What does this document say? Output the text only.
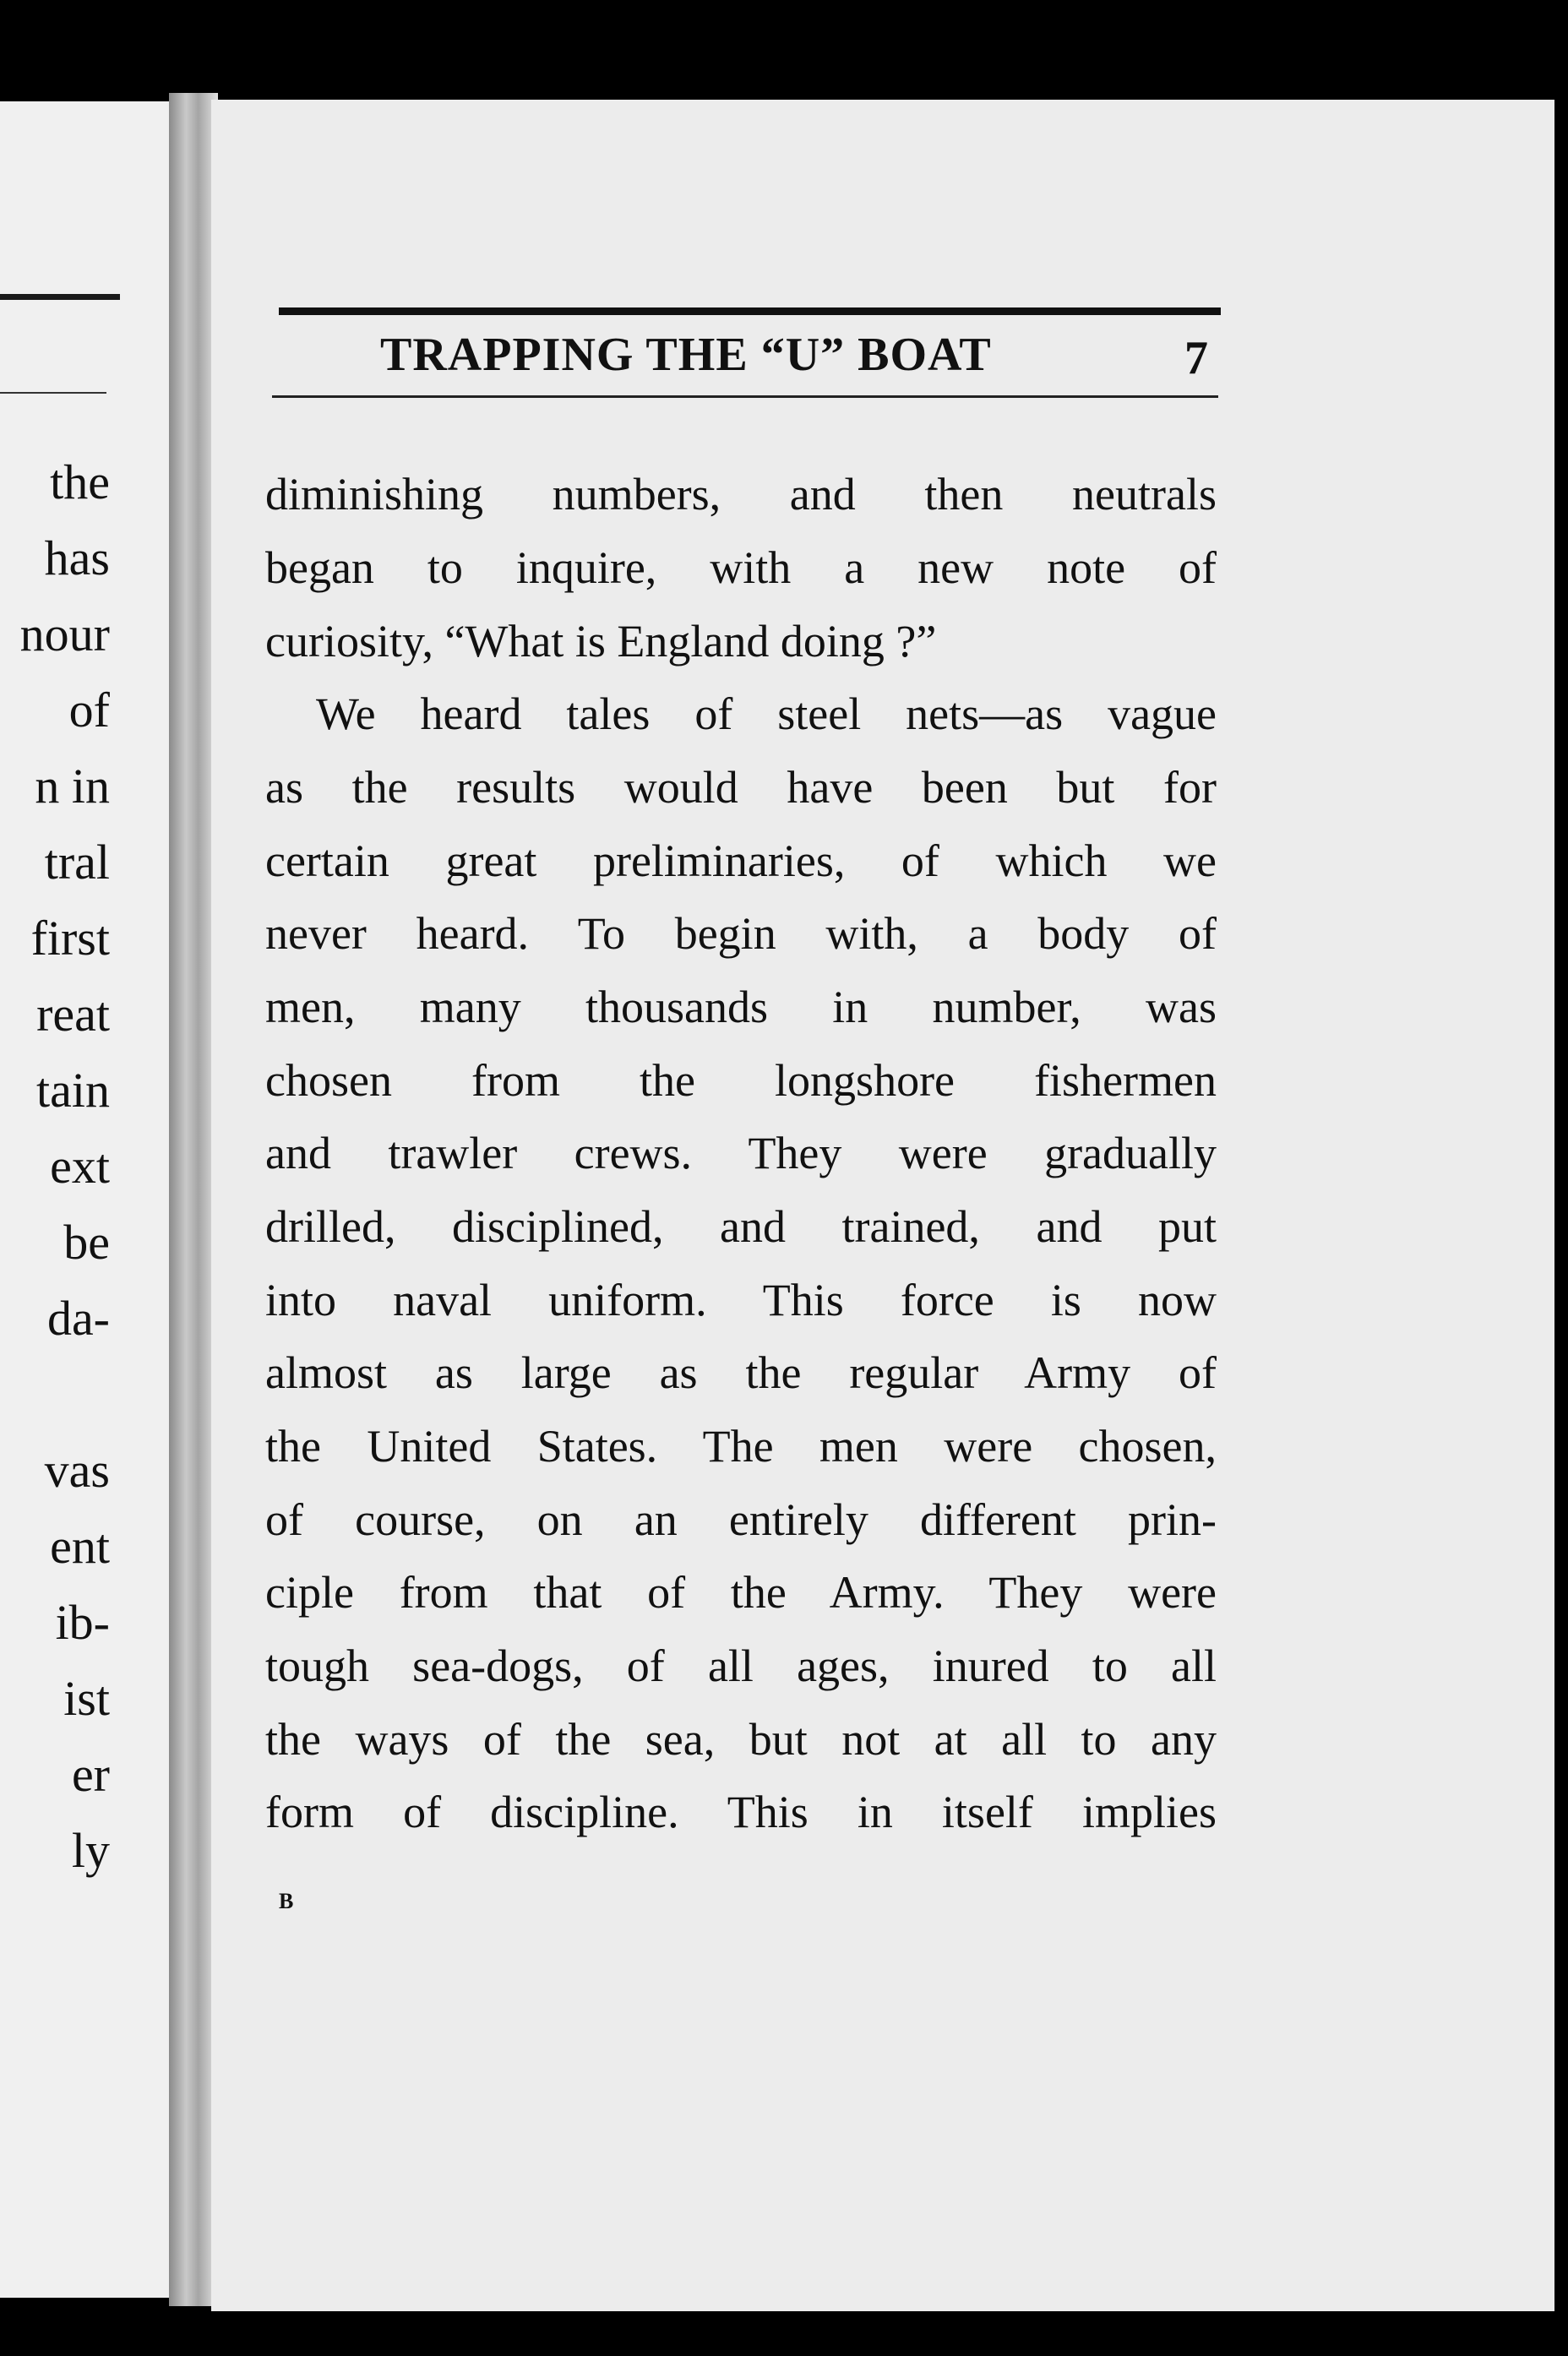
the
has
nour
of
n in
tral
first
reat
tain
ext
be
da-
vas
ent
ib-
ist
er
ly
TRAPPING THE “U” BOAT	7
diminishing numbers, and then neutrals
began to inquire, with a new note of
curiosity, “What is England doing ?”
We heard tales of steel nets—as vague
as the results would have been but for
certain great preliminaries, of which we
never heard. To begin with, a body of
men, many thousands in number, was
chosen from the longshore fishermen
and trawler crews. They were gradually
drilled, disciplined, and trained, and put
into naval uniform. This force is now
almost as large as the regular Army of
the United States. The men were chosen,
of course, on an entirely different prin-
ciple from that of the Army. They were
tough sea-dogs, of all ages, inured to all
the ways of the sea, but not at all to any
form of discipline. This in itself implies
B
